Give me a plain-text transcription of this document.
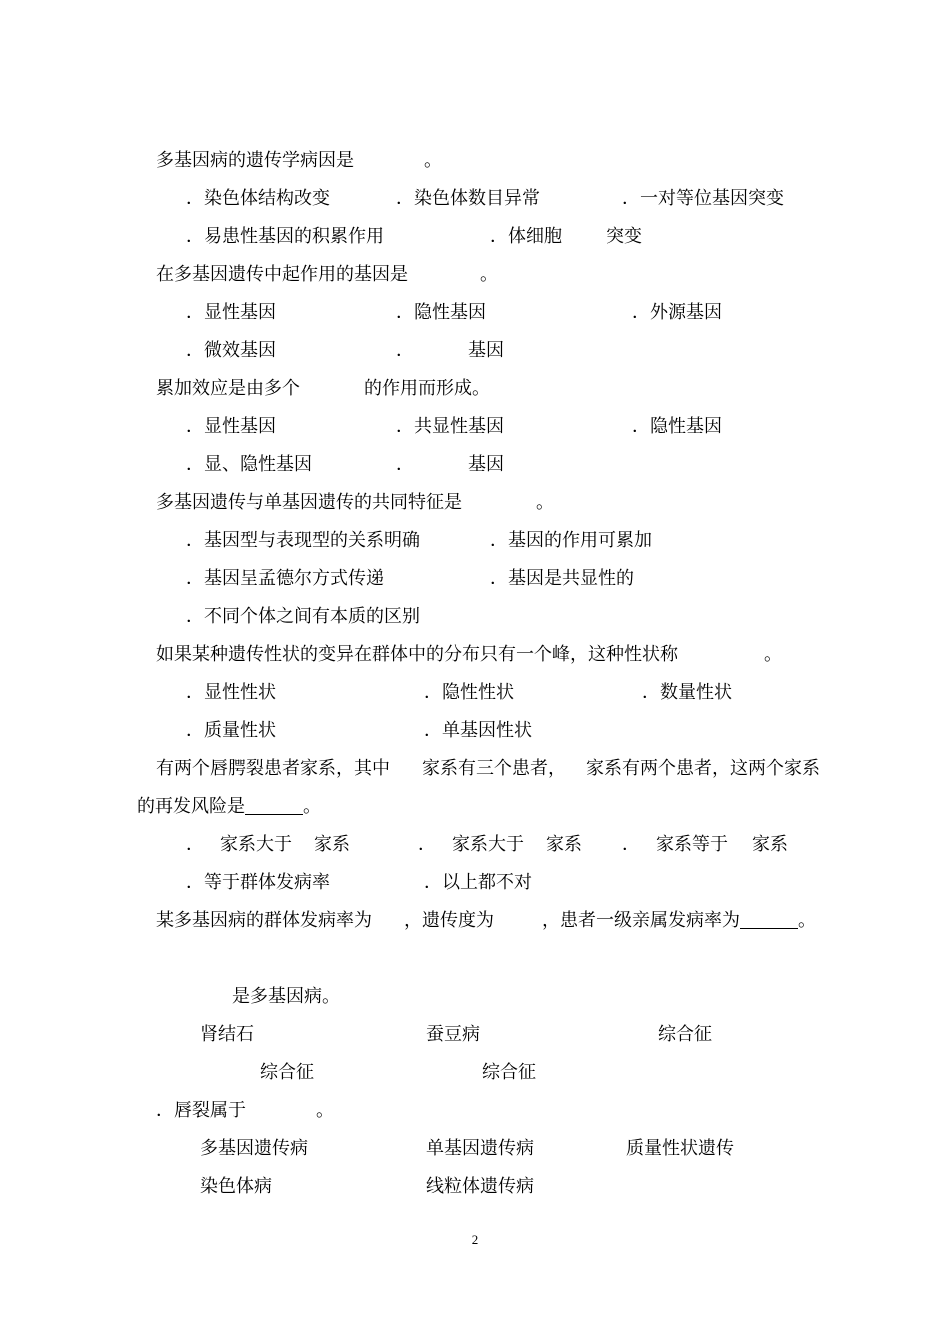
多基因病的遗传学病因是	。
．染色体结构改变	．染色体数目异常	．一对等位基因突变
．易患性基因的积累作用	．体细胞 突变
在多基因遗传中起作用的基因是	。
．显性基因	．隐性基因	．外源基因
．微效基因	．	基因
累加效应是由多个	的作用而形成。
．显性基因	．共显性基因	．隐性基因
．显、隐性基因	．	基因
多基因遗传与单基因遗传的共同特征是	。
．基因型与表现型的关系明确	．基因的作用可累加
．基因呈孟德尔方式传递	．基因是共显性的
．不同个体之间有本质的区别
如果某种遗传性状的变异在群体中的分布只有一个峰，这种性状称	。
．显性性状	．隐性性状	．数量性状
．质量性状	．单基因性状
有两个唇腭裂患者家系，其中 家系有三个患者， 家系有两个患者，这两个家系
的再发风险是	。
． 家系大于 家系	． 家系大于 家系 ． 家系等于 家系
．等于群体发病率	．以上都不对
某多基因病的群体发病率为 ，遗传度为	，患者一级亲属发病率为	。
是多基因病。
肾结石	蚕豆病	综合征
综合征	综合征
．唇裂属于	。
多基因遗传病	单基因遗传病	质量性状遗传
染色体病	线粒体遗传病
2
